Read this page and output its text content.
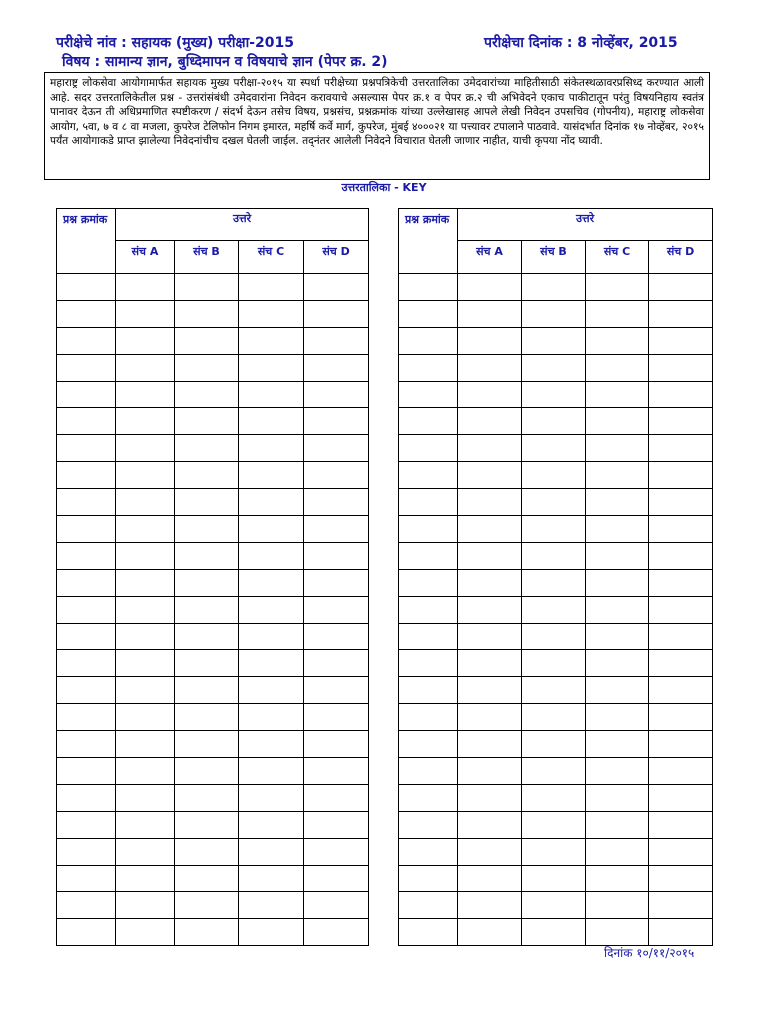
परीक्षेचे नांव : सहायक (मुख्य) परीक्षा-2015	परीक्षेचा दिनांक : 8 नोव्हेंबर, 2015
विषय : सामान्य ज्ञान, बुध्दिमापन व विषयाचे ज्ञान (पेपर क्र. 2)
महाराष्ट्र लोकसेवा आयोगामार्फत सहायक मुख्य परीक्षा-२०१५ या स्पर्धा परीक्षेच्या प्रश्नपत्रिकेची उत्तरतालिका उमेदवारांच्या माहितीसाठी संकेतस्थळावरप्रसिध्द करण्यात आली आहे. सदर उत्तरतालिकेतील प्रश्न - उत्तरांसंबंधी उमेदवारांना निवेदन करावयाचे असल्यास पेपर क्र.१ व पेपर क्र.२ ची अभिवेदने एकाच पाकीटातून परंतु विषयनिहाय स्वतंत्र पानावर देऊन ती अधिप्रमाणित स्पष्टीकरण / संदर्भ देऊन तसेच विषय, प्रश्नसंच, प्रश्नक्रमांक यांच्या उल्लेखासह आपले लेखी निवेदन उपसचिव (गोपनीय), महाराष्ट्र लोकसेवा आयोग, ५वा, ७ व ८ वा मजला, कुपरेज टेलिफोन निगम इमारत, महर्षि कर्वे मार्ग, कुपरेज, मुंबई ४०००२१ या पत्त्यावर टपालाने पाठवावे. यासंदर्भात दिनांक १७ नोव्हेंबर, २०१५ पर्यंत आयोगाकडे प्राप्त झालेल्या निवेदनांचीच दखल घेतली जाईल. तद्नंतर आलेली निवेदने विचारात घेतली जाणार नाहीत, याची कृपया नोंद घ्यावी.
उत्तरतालिका - KEY
प्रश्न क्रमांक	उत्तरे			
	संच A	संच B	संच C	संच D

प्रश्न क्रमांक	उत्तरे			
	संच A	संच B	संच C	संच D

दिनांक १०/११/२०१५
